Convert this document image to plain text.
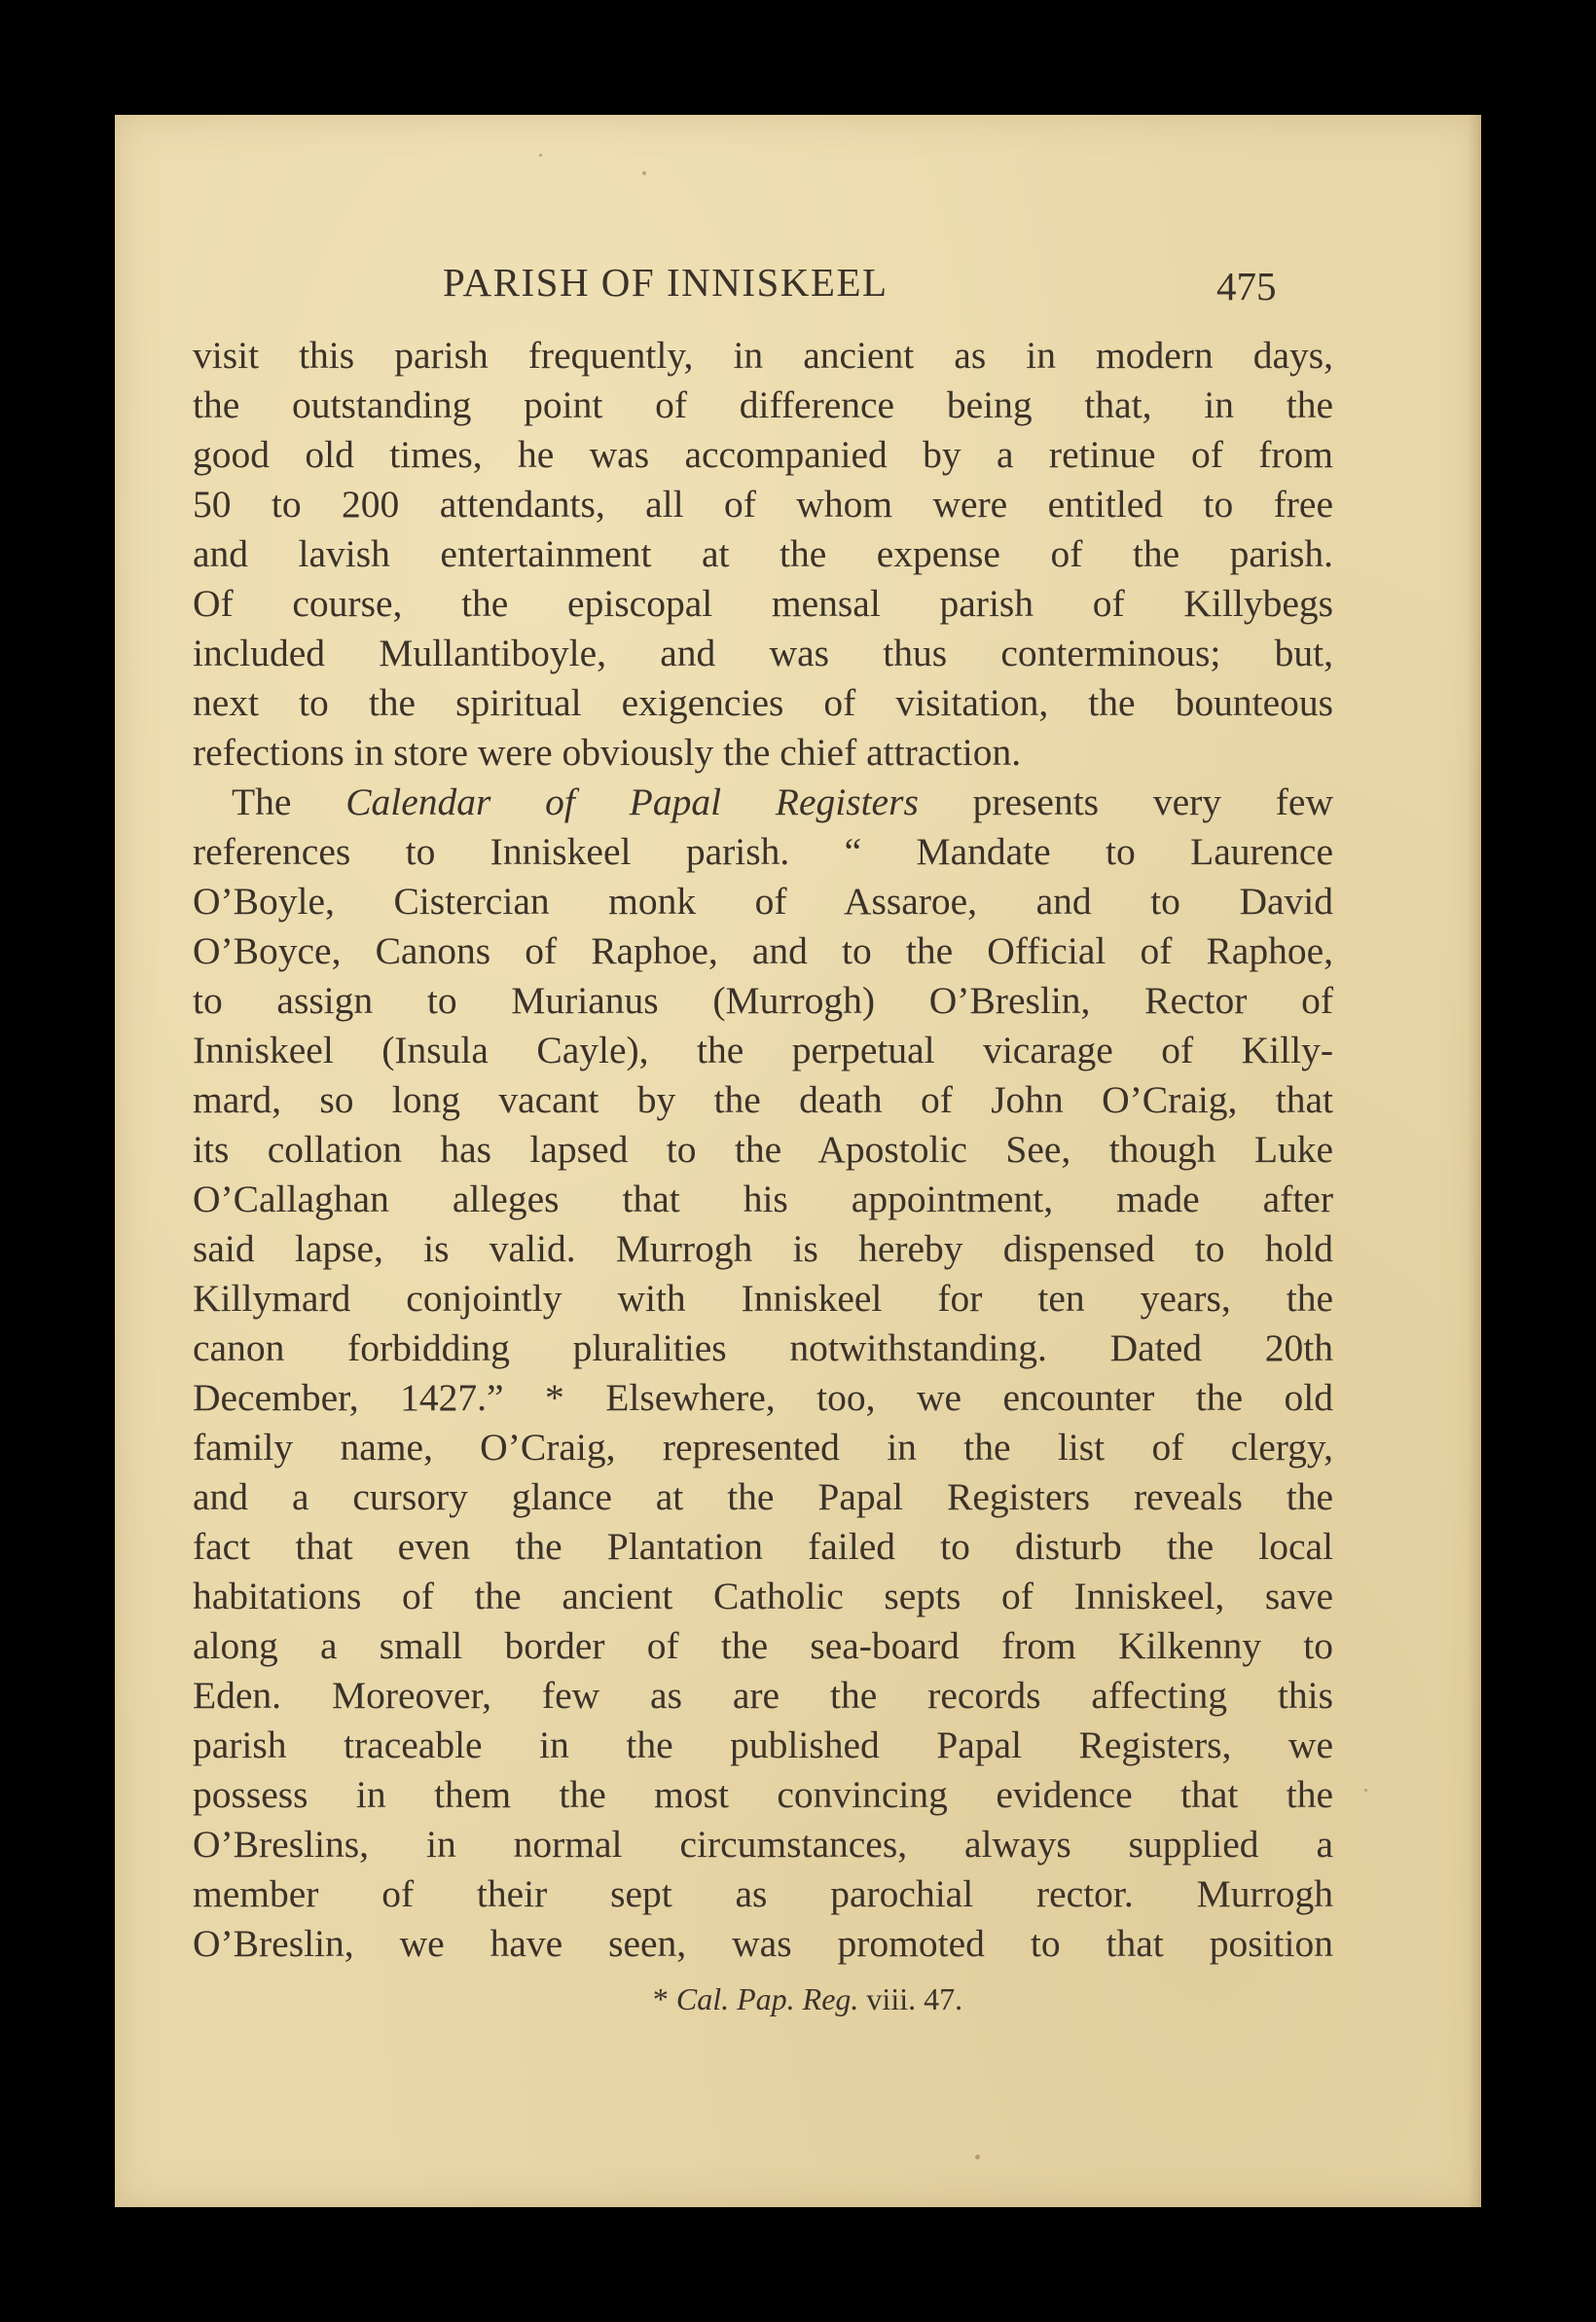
PARISH OF INNISKEEL	475
visit this parish frequently, in ancient as in modern days,
the outstanding point of difference being that, in the
good old times, he was accompanied by a retinue of from
50 to 200 attendants, all of whom were entitled to free
and lavish entertainment at the expense of the parish.
Of course, the episcopal mensal parish of Killybegs
included Mullantiboyle, and was thus conterminous; but,
next to the spiritual exigencies of visitation, the bounteous
refections in store were obviously the chief attraction.
The Calendar of Papal Registers presents very few
references to Inniskeel parish. “ Mandate to Laurence
O’Boyle, Cistercian monk of Assaroe, and to David
O’Boyce, Canons of Raphoe, and to the Official of Raphoe,
to assign to Murianus (Murrogh) O’Breslin, Rector of
Inniskeel (Insula Cayle), the perpetual vicarage of Killy-
mard, so long vacant by the death of John O’Craig, that
its collation has lapsed to the Apostolic See, though Luke
O’Callaghan alleges that his appointment, made after
said lapse, is valid. Murrogh is hereby dispensed to hold
Killymard conjointly with Inniskeel for ten years, the
canon forbidding pluralities notwithstanding. Dated 20th
December, 1427.” * Elsewhere, too, we encounter the old
family name, O’Craig, represented in the list of clergy,
and a cursory glance at the Papal Registers reveals the
fact that even the Plantation failed to disturb the local
habitations of the ancient Catholic septs of Inniskeel, save
along a small border of the sea-board from Kilkenny to
Eden. Moreover, few as are the records affecting this
parish traceable in the published Papal Registers, we
possess in them the most convincing evidence that the
O’Breslins, in normal circumstances, always supplied a
member of their sept as parochial rector. Murrogh
O’Breslin, we have seen, was promoted to that position
* Cal. Pap. Reg. viii. 47.
